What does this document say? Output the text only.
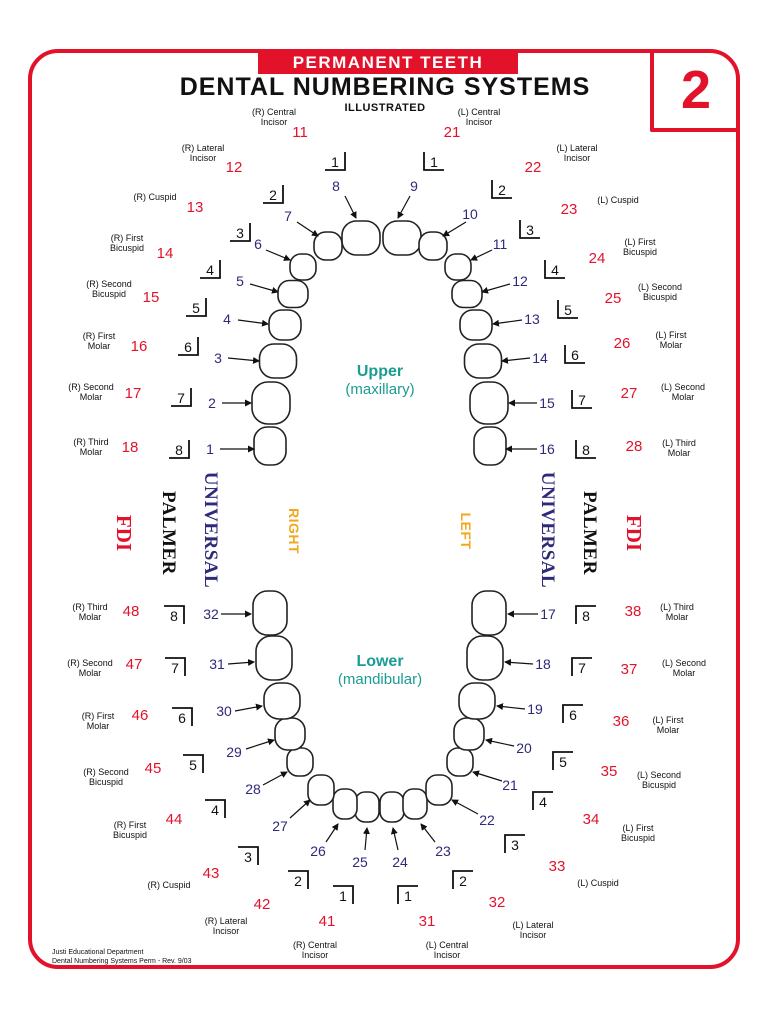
PERMANENT TEETH
DENTAL NUMBERING SYSTEMS
ILLUSTRATED	2
1
8
11
(R) Central
Incisor
2
7
12
(R) Lateral
Incisor
3
6
13
(R) Cuspid
4
5
14
(R) First
Bicuspid
5
4
15
(R) Second
Bicuspid
6
3
16
(R) First
Molar
7 2
17
(R) Second
Molar
8 1
18
(R) Third
Molar
1
9
21
(L) Central
Incisor
2
10
22
(L) Lateral
Incisor
3
11
23
(L) Cuspid
4
12
24
(L) First
Bicuspid
5
13
25
(L) Second
Bicuspid
6
14
26	(L) First
Molar
7
15
27	(L) Second
Molar
8
16	28 (L) Third
Molar
1
25
41
(R) Central
Incisor
2
26
42
(R) Lateral
Incisor
3
27
43
(R) Cuspid
4
28
44
(R) First
Bicuspid
5
29
45
(R) Second
Bicuspid
6 30
46
(R) First
Molar
7 31
47
(R) Second
Molar
8 32
48
(R) Third
Molar
1
24
31
(L) Central
Incisor
2
23
32
(L) Lateral
Incisor
3
22
33
(L) Cuspid
4
21
34	(L) First
Bicuspid
5
20
35 (L) Second
Bicuspid
6
19
36	(L) First
Molar
7
18	37	(L) Second
Molar
8
17	38 (L) Third
Molar
Upper
(maxillary)
Lower
(mandibular)
FDI PALMER UNIVERSAL	RIGHT	LEFT	UNIVERSAL PALMER FDI
Justi Educational Department
Dental Numbering Systems Perm - Rev. 9/03
